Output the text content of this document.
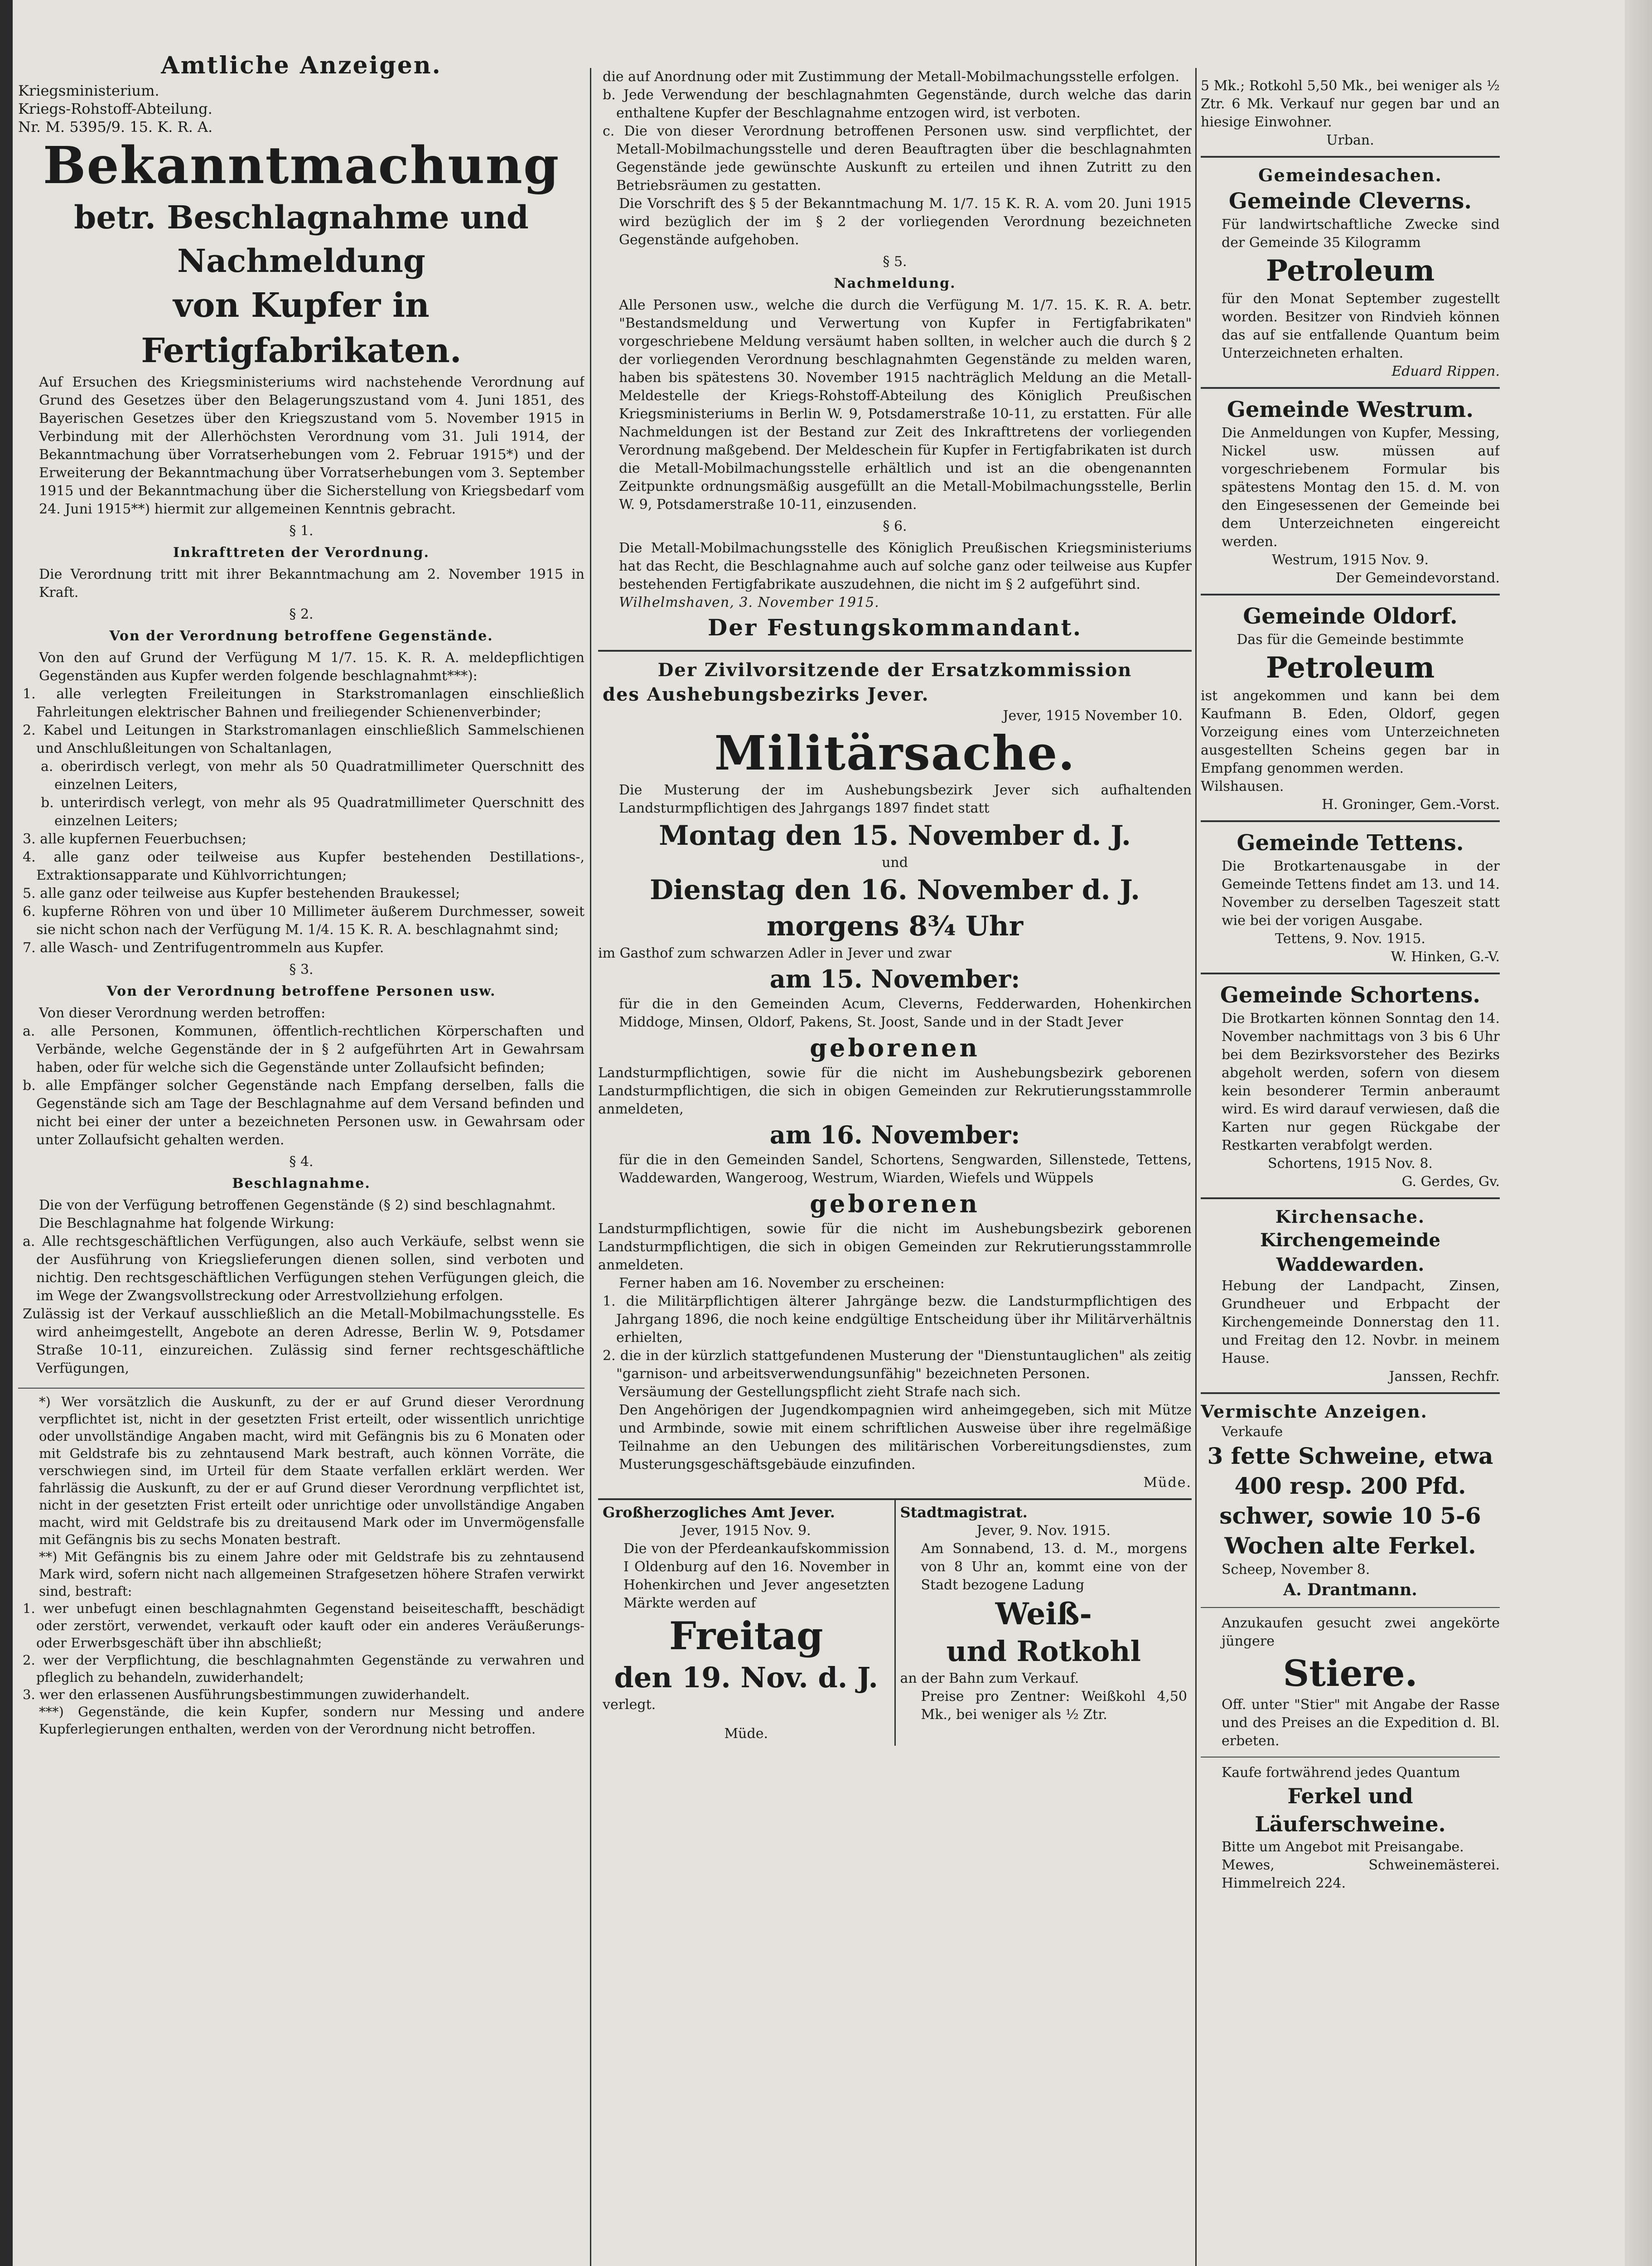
Amtliche Anzeigen.

Kriegsministerium.

Kriegs-Rohstoff-Abteilung.

Nr. M. 5395/9. 15. K. R. A.

Bekanntmachung

betr. Beschlagnahme und Nachmeldung

von Kupfer in Fertigfabrikaten.

Auf Ersuchen des Kriegsministeriums wird nachstehende Verordnung auf Grund des Gesetzes über den Belagerungszustand vom 4. Juni 1851, des Bayerischen Gesetzes über den Kriegszustand vom 5. November 1915 in Verbindung mit der Allerhöchsten Verordnung vom 31. Juli 1914, der Bekanntmachung über Vorratserhebungen vom 2. Februar 1915*) und der Erweiterung der Bekanntmachung über Vorratserhebungen vom 3. September 1915 und der Bekanntmachung über die Sicherstellung von Kriegsbedarf vom 24. Juni 1915**) hiermit zur allgemeinen Kenntnis gebracht.

§ 1.

Inkrafttreten der Verordnung.

Die Verordnung tritt mit ihrer Bekanntmachung am 2. November 1915 in Kraft.

§ 2.

Von der Verordnung betroffene Gegenstände.

Von den auf Grund der Verfügung M 1/7. 15. K. R. A. meldepflichtigen Gegenständen aus Kupfer werden folgende beschlagnahmt***):

1. alle verlegten Freileitungen in Starkstromanlagen einschließlich Fahrleitungen elektrischer Bahnen und freiliegender Schienenverbinder;

2. Kabel und Leitungen in Starkstromanlagen einschließlich Sammelschienen und Anschlußleitungen von Schaltanlagen,

a. oberirdisch verlegt, von mehr als 50 Quadratmillimeter Querschnitt des einzelnen Leiters,

b. unterirdisch verlegt, von mehr als 95 Quadratmillimeter Querschnitt des einzelnen Leiters;

3. alle kupfernen Feuerbuchsen;

4. alle ganz oder teilweise aus Kupfer bestehenden Destillations-, Extraktionsapparate und Kühlvorrichtungen;

5. alle ganz oder teilweise aus Kupfer bestehenden Braukessel;

6. kupferne Röhren von und über 10 Millimeter äußerem Durchmesser, soweit sie nicht schon nach der Verfügung M. 1/4. 15 K. R. A. beschlagnahmt sind;

7. alle Wasch- und Zentrifugentrommeln aus Kupfer.

§ 3.

Von der Verordnung betroffene Personen usw.

Von dieser Verordnung werden betroffen:

a. alle Personen, Kommunen, öffentlich-rechtlichen Körperschaften und Verbände, welche Gegenstände der in § 2 aufgeführten Art in Gewahrsam haben, oder für welche sich die Gegenstände unter Zollaufsicht befinden;

b. alle Empfänger solcher Gegenstände nach Empfang derselben, falls die Gegenstände sich am Tage der Beschlagnahme auf dem Versand befinden und nicht bei einer der unter a bezeichneten Personen usw. in Gewahrsam oder unter Zollaufsicht gehalten werden.

§ 4.

Beschlagnahme.

Die von der Verfügung betroffenen Gegenstände (§ 2) sind beschlagnahmt.

Die Beschlagnahme hat folgende Wirkung:

a. Alle rechtsgeschäftlichen Verfügungen, also auch Verkäufe, selbst wenn sie der Ausführung von Kriegslieferungen dienen sollen, sind verboten und nichtig. Den rechtsgeschäftlichen Verfügungen stehen Verfügungen gleich, die im Wege der Zwangsvollstreckung oder Arrestvollziehung erfolgen.

Zulässig ist der Verkauf ausschließlich an die Metall-Mobilmachungsstelle. Es wird anheimgestellt, Angebote an deren Adresse, Berlin W. 9, Potsdamer Straße 10-11, einzureichen. Zulässig sind ferner rechtsgeschäftliche Verfügungen,

*) Wer vorsätzlich die Auskunft, zu der er auf Grund dieser Verordnung verpflichtet ist, nicht in der gesetzten Frist erteilt, oder wissentlich unrichtige oder unvollständige Angaben macht, wird mit Gefängnis bis zu 6 Monaten oder mit Geldstrafe bis zu zehntausend Mark bestraft, auch können Vorräte, die verschwiegen sind, im Urteil für dem Staate verfallen erklärt werden. Wer fahrlässig die Auskunft, zu der er auf Grund dieser Verordnung verpflichtet ist, nicht in der gesetzten Frist erteilt oder unrichtige oder unvollständige Angaben macht, wird mit Geldstrafe bis zu dreitausend Mark oder im Unvermögensfalle mit Gefängnis bis zu sechs Monaten bestraft.

**) Mit Gefängnis bis zu einem Jahre oder mit Geldstrafe bis zu zehntausend Mark wird, sofern nicht nach allgemeinen Strafgesetzen höhere Strafen verwirkt sind, bestraft:

1. wer unbefugt einen beschlagnahmten Gegenstand beiseiteschafft, beschädigt oder zerstört, verwendet, verkauft oder kauft oder ein anderes Veräußerungs- oder Erwerbsgeschäft über ihn abschließt;

2. wer der Verpflichtung, die beschlagnahmten Gegenstände zu verwahren und pfleglich zu behandeln, zuwiderhandelt;

3. wer den erlassenen Ausführungsbestimmungen zuwiderhandelt.

***) Gegenstände, die kein Kupfer, sondern nur Messing und andere Kupferlegierungen enthalten, werden von der Verordnung nicht betroffen.

die auf Anordnung oder mit Zustimmung der Metall-Mobilmachungsstelle erfolgen.

b. Jede Verwendung der beschlagnahmten Gegenstände, durch welche das darin enthaltene Kupfer der Beschlagnahme entzogen wird, ist verboten.

c. Die von dieser Verordnung betroffenen Personen usw. sind verpflichtet, der Metall-Mobilmachungsstelle und deren Beauftragten über die beschlagnahmten Gegenstände jede gewünschte Auskunft zu erteilen und ihnen Zutritt zu den Betriebsräumen zu gestatten.

Die Vorschrift des § 5 der Bekanntmachung M. 1/7. 15 K. R. A. vom 20. Juni 1915 wird bezüglich der im § 2 der vorliegenden Verordnung bezeichneten Gegenstände aufgehoben.

§ 5.

Nachmeldung.

Alle Personen usw., welche die durch die Verfügung M. 1/7. 15. K. R. A. betr. "Bestandsmeldung und Verwertung von Kupfer in Fertigfabrikaten" vorgeschriebene Meldung versäumt haben sollten, in welcher auch die durch § 2 der vorliegenden Verordnung beschlagnahmten Gegenstände zu melden waren, haben bis spätestens 30. November 1915 nachträglich Meldung an die Metall-Meldestelle der Kriegs-Rohstoff-Abteilung des Königlich Preußischen Kriegsministeriums in Berlin W. 9, Potsdamerstraße 10-11, zu erstatten. Für alle Nachmeldungen ist der Bestand zur Zeit des Inkrafttretens der vorliegenden Verordnung maßgebend. Der Meldeschein für Kupfer in Fertigfabrikaten ist durch die Metall-Mobilmachungsstelle erhältlich und ist an die obengenannten Zeitpunkte ordnungsmäßig ausgefüllt an die Metall-Mobilmachungsstelle, Berlin W. 9, Potsdamerstraße 10-11, einzusenden.

§ 6.

Die Metall-Mobilmachungsstelle des Königlich Preußischen Kriegsministeriums hat das Recht, die Beschlagnahme auch auf solche ganz oder teilweise aus Kupfer bestehenden Fertigfabrikate auszudehnen, die nicht im § 2 aufgeführt sind.

Wilhelmshaven, 3. November 1915.

Der Festungskommandant.

Der Zivilvorsitzende der Ersatzkommission

des Aushebungsbezirks Jever.

Jever, 1915 November 10.

Militärsache.

Die Musterung der im Aushebungsbezirk Jever sich aufhaltenden Landsturmpflichtigen des Jahrgangs 1897 findet statt

Montag den 15. November d. J.

und

Dienstag den 16. November d. J.

morgens 8¾ Uhr

im Gasthof zum schwarzen Adler in Jever und zwar

am 15. November:

für die in den Gemeinden Acum, Cleverns, Fedderwarden, Hohenkirchen Middoge, Minsen, Oldorf, Pakens, St. Joost, Sande und in der Stadt Jever

geborenen

Landsturmpflichtigen, sowie für die nicht im Aushebungsbezirk geborenen Landsturmpflichtigen, die sich in obigen Gemeinden zur Rekrutierungsstammrolle anmeldeten,

am 16. November:

für die in den Gemeinden Sandel, Schortens, Sengwarden, Sillenstede, Tettens, Waddewarden, Wangeroog, Westrum, Wiarden, Wiefels und Wüppels

geborenen

Landsturmpflichtigen, sowie für die nicht im Aushebungsbezirk geborenen Landsturmpflichtigen, die sich in obigen Gemeinden zur Rekrutierungsstammrolle anmeldeten.

Ferner haben am 16. November zu erscheinen:

1. die Militärpflichtigen älterer Jahrgänge bezw. die Landsturmpflichtigen des Jahrgang 1896, die noch keine endgültige Entscheidung über ihr Militärverhältnis erhielten,

2. die in der kürzlich stattgefundenen Musterung der "Dienstuntauglichen" als zeitig "garnison- und arbeitsverwendungsunfähig" bezeichneten Personen.

Versäumung der Gestellungspflicht zieht Strafe nach sich.

Den Angehörigen der Jugendkompagnien wird anheimgegeben, sich mit Mütze und Armbinde, sowie mit einem schriftlichen Ausweise über ihre regelmäßige Teilnahme an den Uebungen des militärischen Vorbereitungsdienstes, zum Musterungsgeschäftsgebäude einzufinden.

Müde.

Großherzogliches Amt Jever.

Jever, 1915 Nov. 9.

Die von der Pferdeankaufskommission I Oldenburg auf den 16. November in Hohenkirchen und Jever angesetzten Märkte werden auf

Freitag

den 19. Nov. d. J.

verlegt.

Müde.

Stadtmagistrat.

Jever, 9. Nov. 1915.

Am Sonnabend, 13. d. M., morgens von 8 Uhr an, kommt eine von der Stadt bezogene Ladung

Weiß-

und Rotkohl

an der Bahn zum Verkauf.

Preise pro Zentner: Weißkohl 4,50 Mk., bei weniger als ½ Ztr.

5 Mk.; Rotkohl 5,50 Mk., bei weniger als ½ Ztr. 6 Mk. Verkauf nur gegen bar und an hiesige Einwohner.

Urban.

Gemeindesachen.

Gemeinde Cleverns.

Für landwirtschaftliche Zwecke sind der Gemeinde 35 Kilogramm

Petroleum

für den Monat September zugestellt worden. Besitzer von Rindvieh können das auf sie entfallende Quantum beim Unterzeichneten erhalten.

Eduard Rippen.

Gemeinde Westrum.

Die Anmeldungen von Kupfer, Messing, Nickel usw. müssen auf vorgeschriebenem Formular bis spätestens Montag den 15. d. M. von den Eingesessenen der Gemeinde bei dem Unterzeichneten eingereicht werden.

Westrum, 1915 Nov. 9.

Der Gemeindevorstand.

Gemeinde Oldorf.

Das für die Gemeinde bestimmte

Petroleum

ist angekommen und kann bei dem Kaufmann B. Eden, Oldorf, gegen Vorzeigung eines vom Unterzeichneten ausgestellten Scheins gegen bar in Empfang genommen werden.

Wilshausen.

H. Groninger, Gem.-Vorst.

Gemeinde Tettens.

Die Brotkartenausgabe in der Gemeinde Tettens findet am 13. und 14. November zu derselben Tageszeit statt wie bei der vorigen Ausgabe.

Tettens, 9. Nov. 1915.

W. Hinken, G.-V.

Gemeinde Schortens.

Die Brotkarten können Sonntag den 14. November nachmittags von 3 bis 6 Uhr bei dem Bezirksvorsteher des Bezirks abgeholt werden, sofern von diesem kein besonderer Termin anberaumt wird. Es wird darauf verwiesen, daß die Karten nur gegen Rückgabe der Restkarten verabfolgt werden.

Schortens, 1915 Nov. 8.

G. Gerdes, Gv.

Kirchensache.

Kirchengemeinde Waddewarden.

Hebung der Landpacht, Zinsen, Grundheuer und Erbpacht der Kirchengemeinde Donnerstag den 11. und Freitag den 12. Novbr. in meinem Hause.

Janssen, Rechfr.

Vermischte Anzeigen.

Verkaufe

3 fette Schweine, etwa 400 resp. 200 Pfd. schwer, sowie 10 5-6 Wochen alte Ferkel.

Scheep, November 8.

A. Drantmann.

Anzukaufen gesucht zwei angekörte jüngere

Stiere.

Off. unter "Stier" mit Angabe der Rasse und des Preises an die Expedition d. Bl. erbeten.

Kaufe fortwährend jedes Quantum

Ferkel und Läuferschweine.

Bitte um Angebot mit Preisangabe.

Mewes, Schweinemästerei. Himmelreich 224.
